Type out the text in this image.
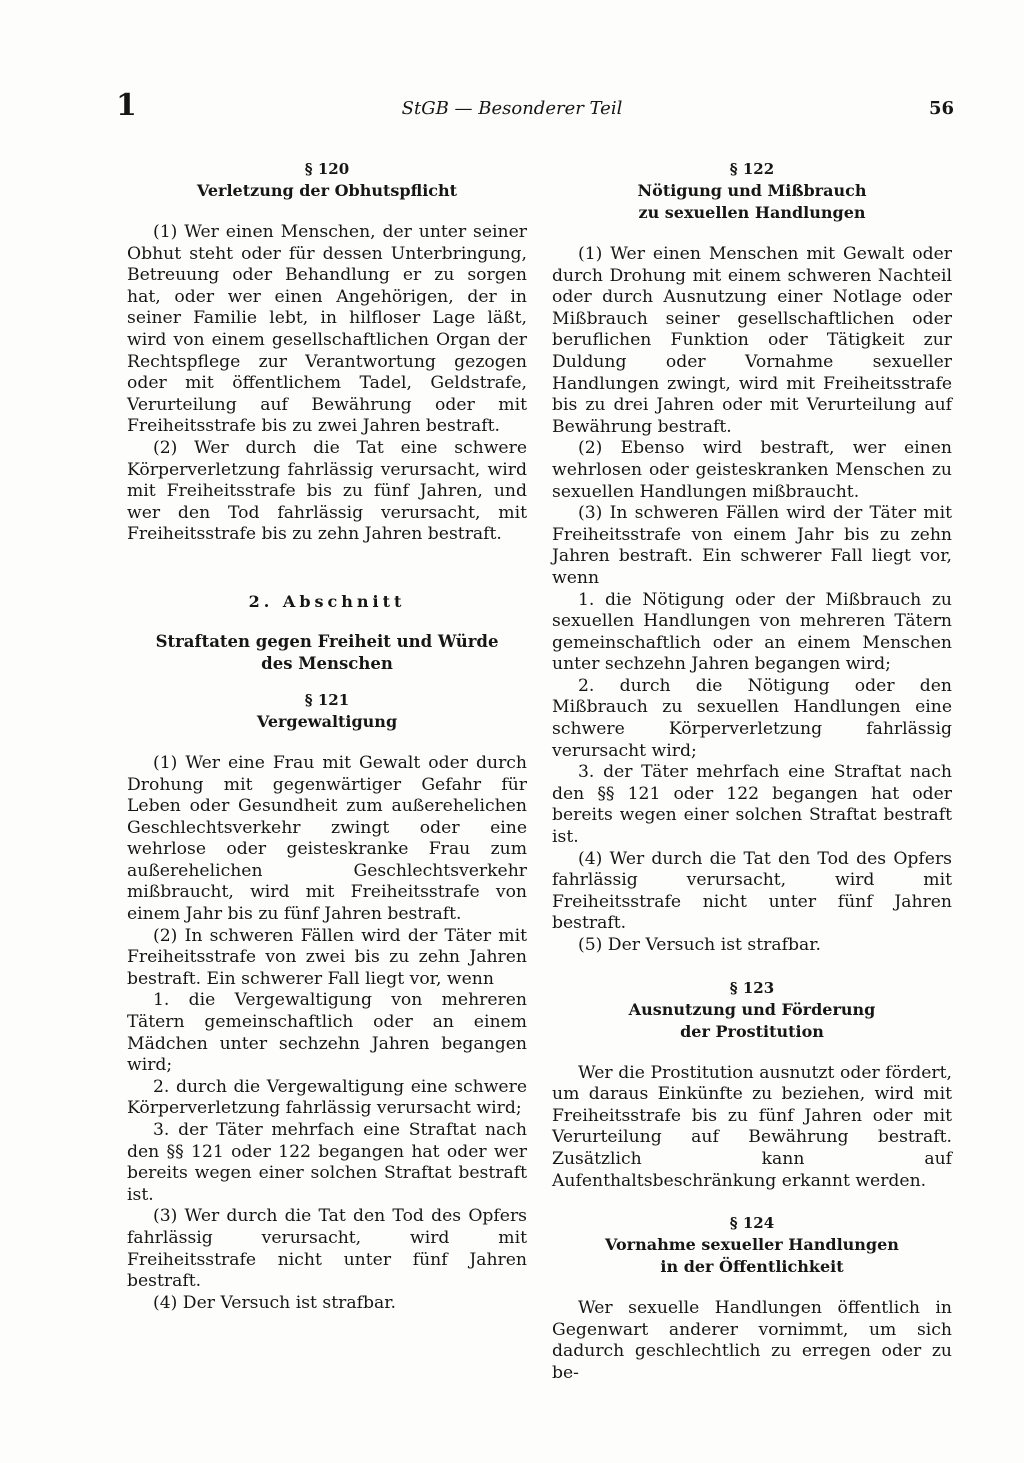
1	StGB — Besonderer Teil	56
§ 120
Verletzung der Obhutspflicht

(1) Wer einen Menschen, der unter seiner Obhut steht oder für dessen Unterbringung, Betreuung oder Behandlung er zu sorgen hat, oder wer einen Angehörigen, der in seiner Familie lebt, in hilfloser Lage läßt, wird von einem gesellschaftlichen Organ der Rechtspflege zur Verantwortung gezogen oder mit öffentlichem Tadel, Geldstrafe, Verurteilung auf Bewährung oder mit Freiheitsstrafe bis zu zwei Jahren bestraft.

(2) Wer durch die Tat eine schwere Körperverletzung fahrlässig verursacht, wird mit Freiheitsstrafe bis zu fünf Jahren, und wer den Tod fahrlässig verursacht, mit Freiheitsstrafe bis zu zehn Jahren bestraft.

2. Abschnitt
Straftaten gegen Freiheit und Würde
des Menschen
§ 121
Vergewaltigung

(1) Wer eine Frau mit Gewalt oder durch Drohung mit gegenwärtiger Gefahr für Leben oder Gesundheit zum außerehelichen Geschlechtsverkehr zwingt oder eine wehrlose oder geisteskranke Frau zum außerehelichen Geschlechtsverkehr mißbraucht, wird mit Freiheitsstrafe von einem Jahr bis zu fünf Jahren bestraft.

(2) In schweren Fällen wird der Täter mit Freiheitsstrafe von zwei bis zu zehn Jahren bestraft. Ein schwerer Fall liegt vor, wenn

1. die Vergewaltigung von mehreren Tätern gemeinschaftlich oder an einem Mädchen unter sechzehn Jahren begangen wird;

2. durch die Vergewaltigung eine schwere Körperverletzung fahrlässig verursacht wird;

3. der Täter mehrfach eine Straftat nach den §§ 121 oder 122 begangen hat oder wer bereits wegen einer solchen Straftat bestraft ist.

(3) Wer durch die Tat den Tod des Opfers fahrlässig verursacht, wird mit Freiheitsstrafe nicht unter fünf Jahren bestraft.

(4) Der Versuch ist strafbar.

§ 122
Nötigung und Mißbrauch
zu sexuellen Handlungen

(1) Wer einen Menschen mit Gewalt oder durch Drohung mit einem schweren Nachteil oder durch Ausnutzung einer Notlage oder Mißbrauch seiner gesellschaftlichen oder beruflichen Funktion oder Tätigkeit zur Duldung oder Vornahme sexueller Handlungen zwingt, wird mit Freiheitsstrafe bis zu drei Jahren oder mit Verurteilung auf Bewährung bestraft.

(2) Ebenso wird bestraft, wer einen wehrlosen oder geisteskranken Menschen zu sexuellen Handlungen mißbraucht.

(3) In schweren Fällen wird der Täter mit Freiheitsstrafe von einem Jahr bis zu zehn Jahren bestraft. Ein schwerer Fall liegt vor, wenn

1. die Nötigung oder der Mißbrauch zu sexuellen Handlungen von mehreren Tätern gemeinschaftlich oder an einem Menschen unter sechzehn Jahren begangen wird;

2. durch die Nötigung oder den Mißbrauch zu sexuellen Handlungen eine schwere Körperverletzung fahrlässig verursacht wird;

3. der Täter mehrfach eine Straftat nach den §§ 121 oder 122 begangen hat oder bereits wegen einer solchen Straftat bestraft ist.

(4) Wer durch die Tat den Tod des Opfers fahrlässig verursacht, wird mit Freiheitsstrafe nicht unter fünf Jahren bestraft.

(5) Der Versuch ist strafbar.

§ 123
Ausnutzung und Förderung
der Prostitution

Wer die Prostitution ausnutzt oder fördert, um daraus Einkünfte zu beziehen, wird mit Freiheitsstrafe bis zu fünf Jahren oder mit Verurteilung auf Bewährung bestraft. Zusätzlich kann auf Aufenthaltsbeschränkung erkannt werden.

§ 124
Vornahme sexueller Handlungen
in der Öffentlichkeit

Wer sexuelle Handlungen öffentlich in Gegenwart anderer vornimmt, um sich dadurch geschlechtlich zu erregen oder zu be-
